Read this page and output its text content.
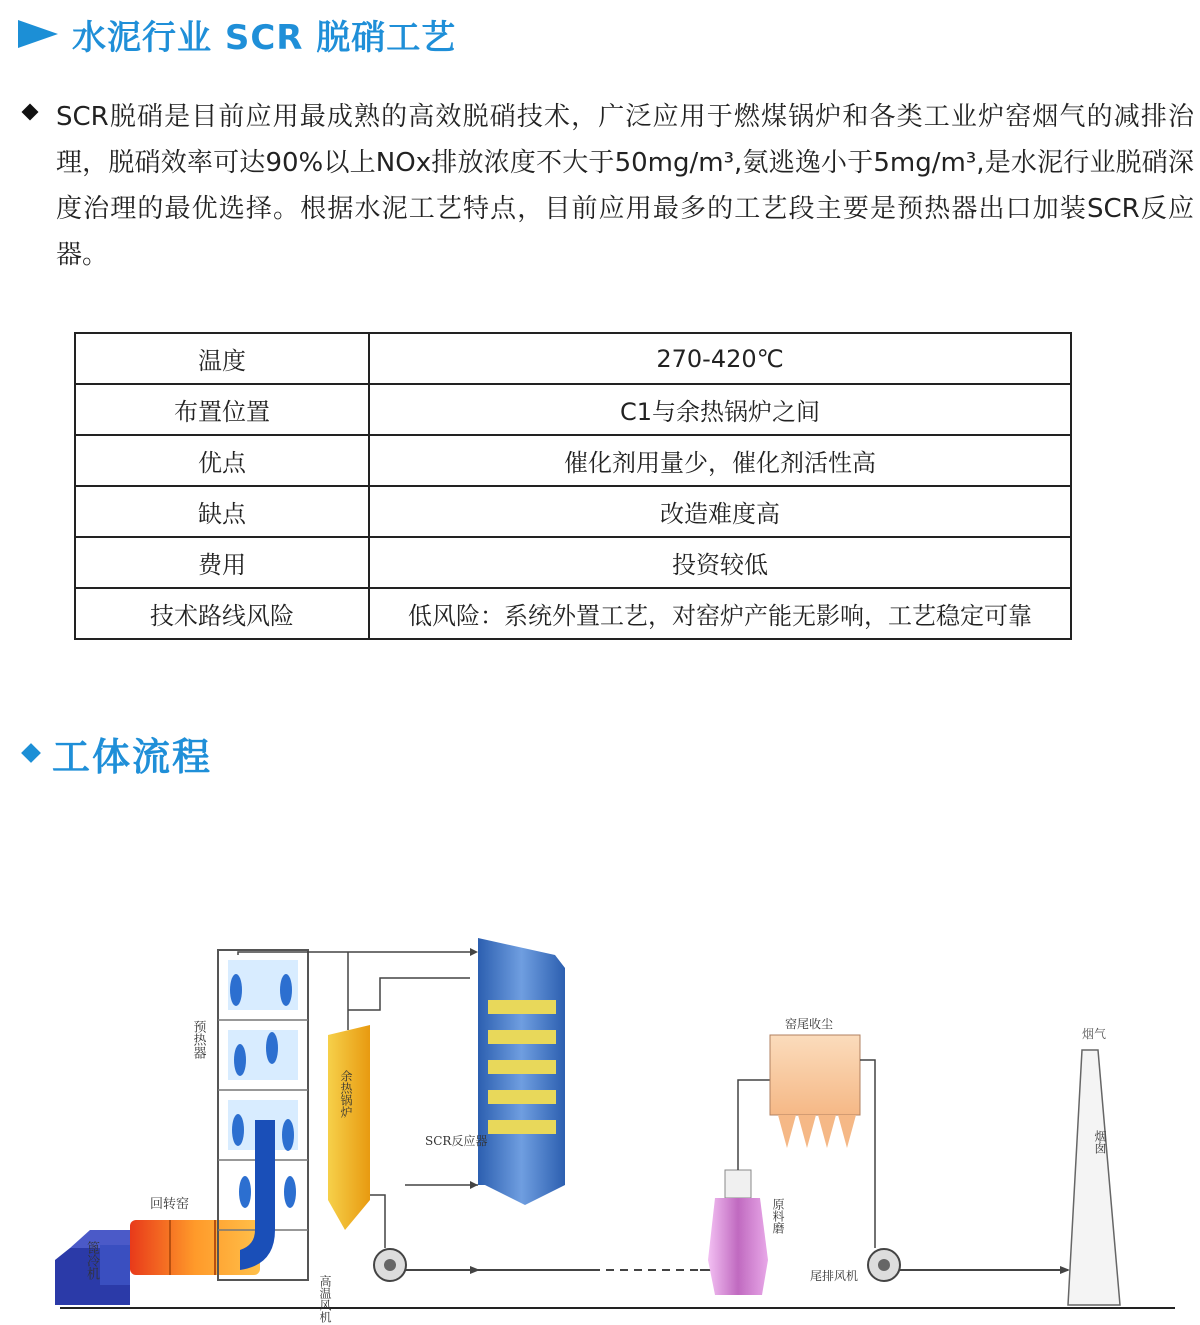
水泥行业 SCR 脱硝工艺
SCR脱硝是目前应用最成熟的高效脱硝技术，广泛应用于燃煤锅炉和各类工业炉窑烟气的减排治理，脱硝效率可达90%以上NOx排放浓度不大于50mg/m³,氨逃逸小于5mg/m³,是水泥行业脱硝深度治理的最优选择。根据水泥工艺特点，目前应用最多的工艺段主要是预热器出口加装SCR反应器。
温度	270-420℃
布置位置	C1与余热锅炉之间
优点	催化剂用量少，催化剂活性高
缺点	改造难度高
费用	投资较低
技术路线风险	低风险：系统外置工艺，对窑炉产能无影响，工艺稳定可靠
工体流程
篦冷机
回转窑
预热器
余热锅炉
SCR反应器
高温风机
原料磨
窑尾收尘
尾排风机
烟气
烟囱
